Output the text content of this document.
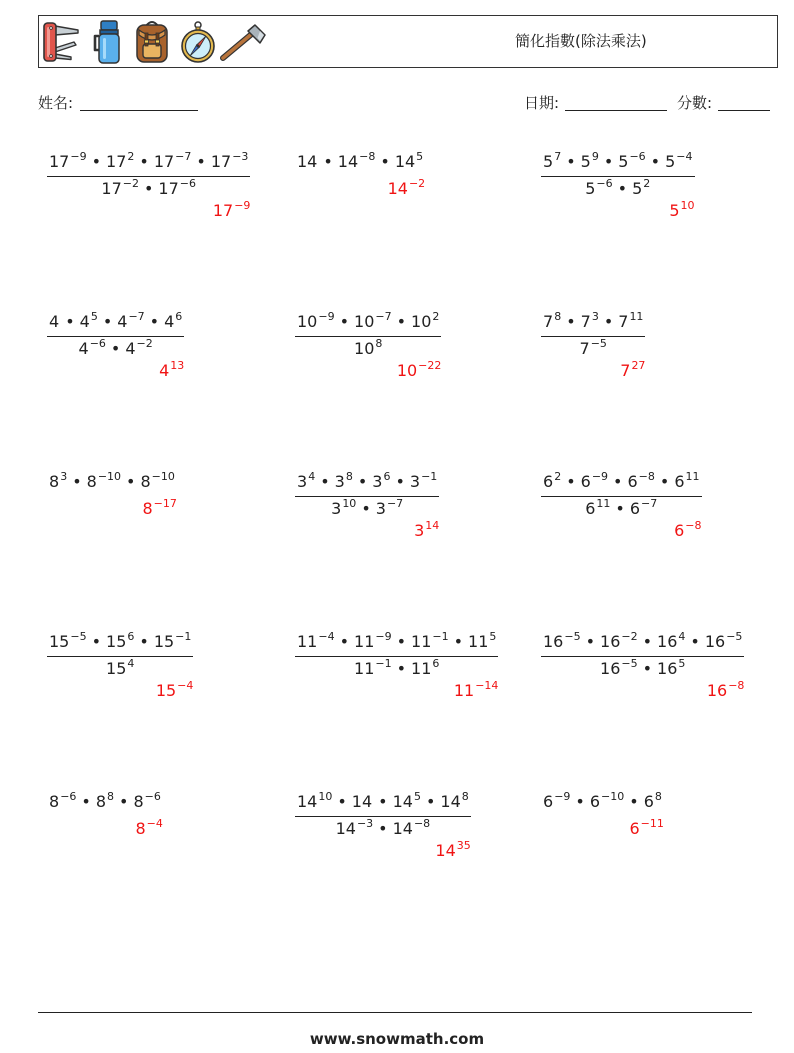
簡化指數(除法乘法)
姓名:	日期:	分數:
$17^{-9}$ • $17^2$ • $17^{-7}$ • $17^{-3}$
$17^{-2}$ • $17^{-6}$
$17^{-9}$
14 • $14^{-8}$ • $14^5$
$14^{-2}$
$5^7$ • $5^9$ • $5^{-6}$ • $5^{-4}$
$5^{-6}$ • $5^2$
$5^{10}$
4 • $4^5$ • $4^{-7}$ • $4^6$
$4^{-6}$ • $4^{-2}$
$4^{13}$
$10^{-9}$ • $10^{-7}$ • $10^2$
$10^8$
$10^{-22}$
$7^8$ • $7^3$ • $7^{11}$
$7^{-5}$
$7^{27}$
$8^3$ • $8^{-10}$ • $8^{-10}$
$8^{-17}$
$3^4$ • $3^8$ • $3^6$ • $3^{-1}$
$3^{10}$ • $3^{-7}$
$3^{14}$
$6^2$ • $6^{-9}$ • $6^{-8}$ • $6^{11}$
$6^{11}$ • $6^{-7}$
$6^{-8}$
$15^{-5}$ • $15^6$ • $15^{-1}$
$15^4$
$15^{-4}$
$11^{-4}$ • $11^{-9}$ • $11^{-1}$ • $11^5$
$11^{-1}$ • $11^6$
$11^{-14}$
$16^{-5}$ • $16^{-2}$ • $16^4$ • $16^{-5}$
$16^{-5}$ • $16^5$
$16^{-8}$
$8^{-6}$ • $8^8$ • $8^{-6}$
$8^{-4}$
$14^{10}$ • 14 • $14^5$ • $14^8$
$14^{-3}$ • $14^{-8}$
$14^{35}$
$6^{-9}$ • $6^{-10}$ • $6^8$
$6^{-11}$
www.snowmath.com
